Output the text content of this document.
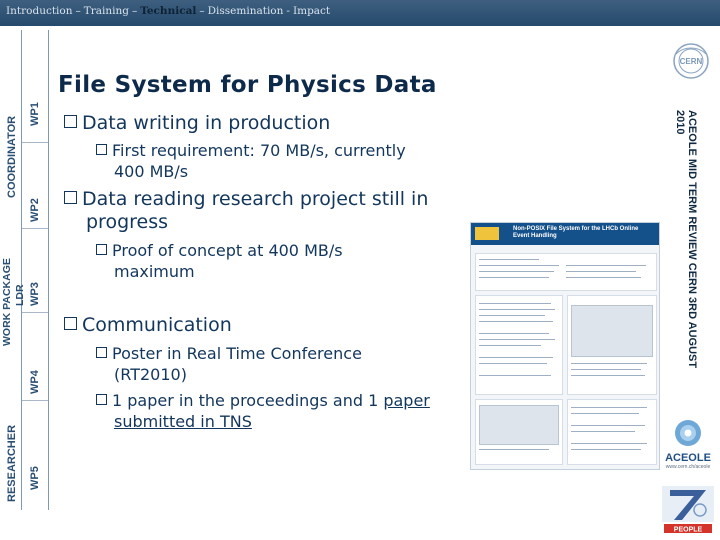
Introduction – Training – Technical – Dissemination - Impact
COORDINATOR
WORK PACKAGE LDR
RESEARCHER
WP1
WP2
WP3
WP4
WP5
File System for Physics Data
Data writing in production
First requirement: 70 MB/s, currently
400 MB/s
Data reading research project still in
progress
Proof of concept at 400 MB/s
maximum
Communication
Poster in Real Time Conference
(RT2010)
1 paper in the proceedings and 1 paper
submitted in TNS
Non-POSIX File System for the LHCb Online Event Handling
CERN
ACEOLE MID TERM REVIEW CERN 3RD AUGUST
2010
ACEOLE
www.cern.ch/aceole
PEOPLE
